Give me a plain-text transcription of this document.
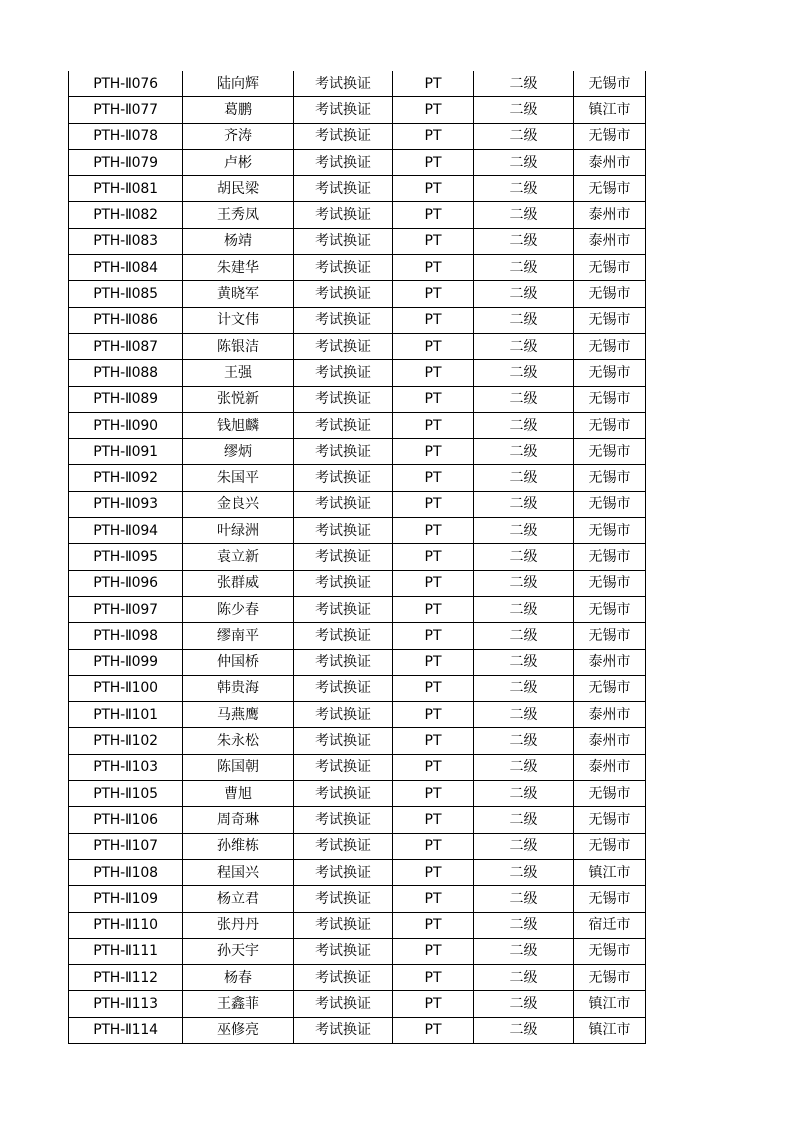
PTH-Ⅱ076	陆向辉	考试换证	PT	二级	无锡市
PTH-Ⅱ077	葛鹏	考试换证	PT	二级	镇江市
PTH-Ⅱ078	齐涛	考试换证	PT	二级	无锡市
PTH-Ⅱ079	卢彬	考试换证	PT	二级	泰州市
PTH-Ⅱ081	胡民梁	考试换证	PT	二级	无锡市
PTH-Ⅱ082	王秀凤	考试换证	PT	二级	泰州市
PTH-Ⅱ083	杨靖	考试换证	PT	二级	泰州市
PTH-Ⅱ084	朱建华	考试换证	PT	二级	无锡市
PTH-Ⅱ085	黄晓军	考试换证	PT	二级	无锡市
PTH-Ⅱ086	计文伟	考试换证	PT	二级	无锡市
PTH-Ⅱ087	陈银洁	考试换证	PT	二级	无锡市
PTH-Ⅱ088	王强	考试换证	PT	二级	无锡市
PTH-Ⅱ089	张悦新	考试换证	PT	二级	无锡市
PTH-Ⅱ090	钱旭麟	考试换证	PT	二级	无锡市
PTH-Ⅱ091	缪炳	考试换证	PT	二级	无锡市
PTH-Ⅱ092	朱国平	考试换证	PT	二级	无锡市
PTH-Ⅱ093	金良兴	考试换证	PT	二级	无锡市
PTH-Ⅱ094	叶绿洲	考试换证	PT	二级	无锡市
PTH-Ⅱ095	袁立新	考试换证	PT	二级	无锡市
PTH-Ⅱ096	张群威	考试换证	PT	二级	无锡市
PTH-Ⅱ097	陈少春	考试换证	PT	二级	无锡市
PTH-Ⅱ098	缪南平	考试换证	PT	二级	无锡市
PTH-Ⅱ099	仲国桥	考试换证	PT	二级	泰州市
PTH-Ⅱ100	韩贵海	考试换证	PT	二级	无锡市
PTH-Ⅱ101	马燕鹰	考试换证	PT	二级	泰州市
PTH-Ⅱ102	朱永松	考试换证	PT	二级	泰州市
PTH-Ⅱ103	陈国朝	考试换证	PT	二级	泰州市
PTH-Ⅱ105	曹旭	考试换证	PT	二级	无锡市
PTH-Ⅱ106	周奇琳	考试换证	PT	二级	无锡市
PTH-Ⅱ107	孙维栋	考试换证	PT	二级	无锡市
PTH-Ⅱ108	程国兴	考试换证	PT	二级	镇江市
PTH-Ⅱ109	杨立君	考试换证	PT	二级	无锡市
PTH-Ⅱ110	张丹丹	考试换证	PT	二级	宿迁市
PTH-Ⅱ111	孙天宇	考试换证	PT	二级	无锡市
PTH-Ⅱ112	杨春	考试换证	PT	二级	无锡市
PTH-Ⅱ113	王鑫菲	考试换证	PT	二级	镇江市
PTH-Ⅱ114	巫修亮	考试换证	PT	二级	镇江市
